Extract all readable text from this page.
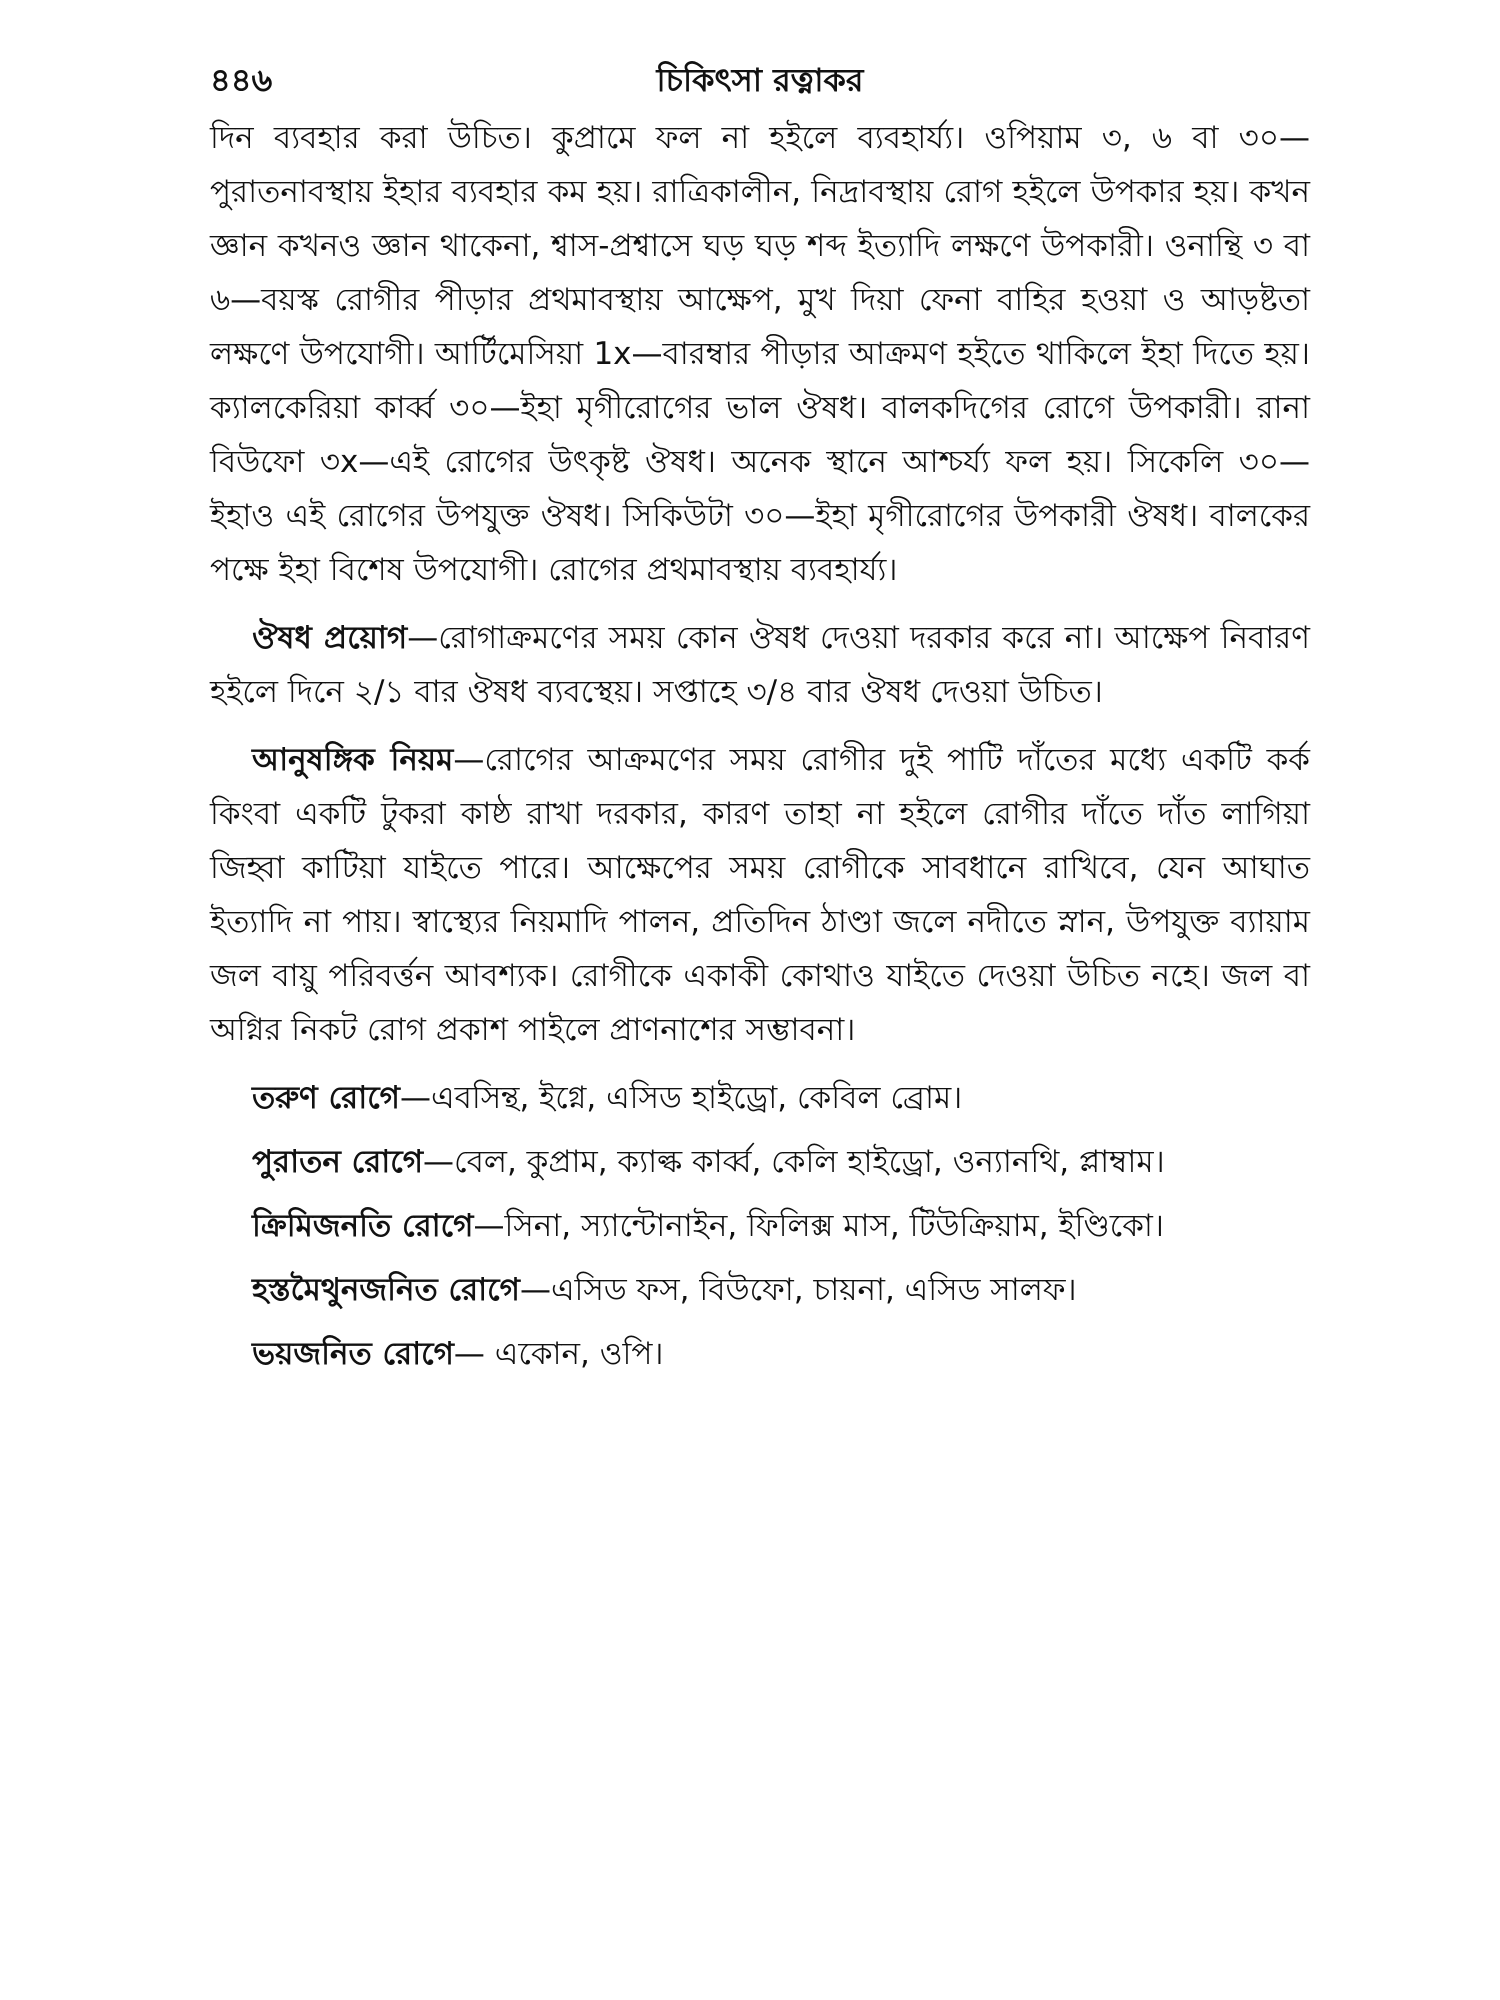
৪৪৬	চিকিৎসা রত্নাকর

দিন ব্যবহার করা উচিত। কুপ্রামে ফল না হইলে ব্যবহার্য্য। ওপিয়াম ৩, ৬ বা ৩০—পুরাতনাবস্থায় ইহার ব্যবহার কম হয়। রাত্রিকালীন, নিদ্রাবস্থায় রোগ হইলে উপকার হয়। কখন জ্ঞান কখনও জ্ঞান থাকেনা, শ্বাস-প্রশ্বাসে ঘড় ঘড় শব্দ ইত্যাদি লক্ষণে উপকারী। ওনান্থি ৩ বা ৬—বয়স্ক রোগীর পীড়ার প্রথমাবস্থায় আক্ষেপ, মুখ দিয়া ফেনা বাহির হওয়া ও আড়ষ্টতা লক্ষণে উপযোগী। আর্টিমেসিয়া 1x—বারম্বার পীড়ার আক্রমণ হইতে থাকিলে ইহা দিতে হয়। ক্যালকেরিয়া কার্ব্ব ৩০—ইহা মৃগীরোগের ভাল ঔষধ। বালকদিগের রোগে উপকারী। রানা বিউফো ৩x—এই রোগের উৎকৃষ্ট ঔষধ। অনেক স্থানে আশ্চর্য্য ফল হয়। সিকেলি ৩০—ইহাও এই রোগের উপযুক্ত ঔষধ। সিকিউটা ৩০—ইহা মৃগীরোগের উপকারী ঔষধ। বালকের পক্ষে ইহা বিশেষ উপযোগী। রোগের প্রথমাবস্থায় ব্যবহার্য্য।

ঔষধ প্রয়োগ—রোগাক্রমণের সময় কোন ঔষধ দেওয়া দরকার করে না। আক্ষেপ নিবারণ হইলে দিনে ২/১ বার ঔষধ ব্যবস্থেয়। সপ্তাহে ৩/৪ বার ঔষধ দেওয়া উচিত।

আনুষঙ্গিক নিয়ম—রোগের আক্রমণের সময় রোগীর দুই পাটি দাঁতের মধ্যে একটি কর্ক কিংবা একটি টুকরা কাষ্ঠ রাখা দরকার, কারণ তাহা না হইলে রোগীর দাঁতে দাঁত লাগিয়া জিহ্বা কাটিয়া যাইতে পারে। আক্ষেপের সময় রোগীকে সাবধানে রাখিবে, যেন আঘাত ইত্যাদি না পায়। স্বাস্থ্যের নিয়মাদি পালন, প্রতিদিন ঠাণ্ডা জলে নদীতে স্নান, উপযুক্ত ব্যায়াম জল বায়ু পরিবর্ত্তন আবশ্যক। রোগীকে একাকী কোথাও যাইতে দেওয়া উচিত নহে। জল বা অগ্নির নিকট রোগ প্রকাশ পাইলে প্রাণনাশের সম্ভাবনা।

তরুণ রোগে—এবসিন্থ, ইগ্নে, এসিড হাইড্রো, কেবিল ব্রোম।

পুরাতন রোগে—বেল, কুপ্রাম, ক্যাল্ক কার্ব্ব, কেলি হাইড্রো, ওন্যানথি, প্লাম্বাম।

ক্রিমিজনতি রোগে—সিনা, স্যান্টোনাইন, ফিলিক্স মাস, টিউক্রিয়াম, ইণ্ডিকো।

হস্তমৈথুনজনিত রোগে—এসিড ফস, বিউফো, চায়না, এসিড সালফ।

ভয়জনিত রোগে— একোন, ওপি।
